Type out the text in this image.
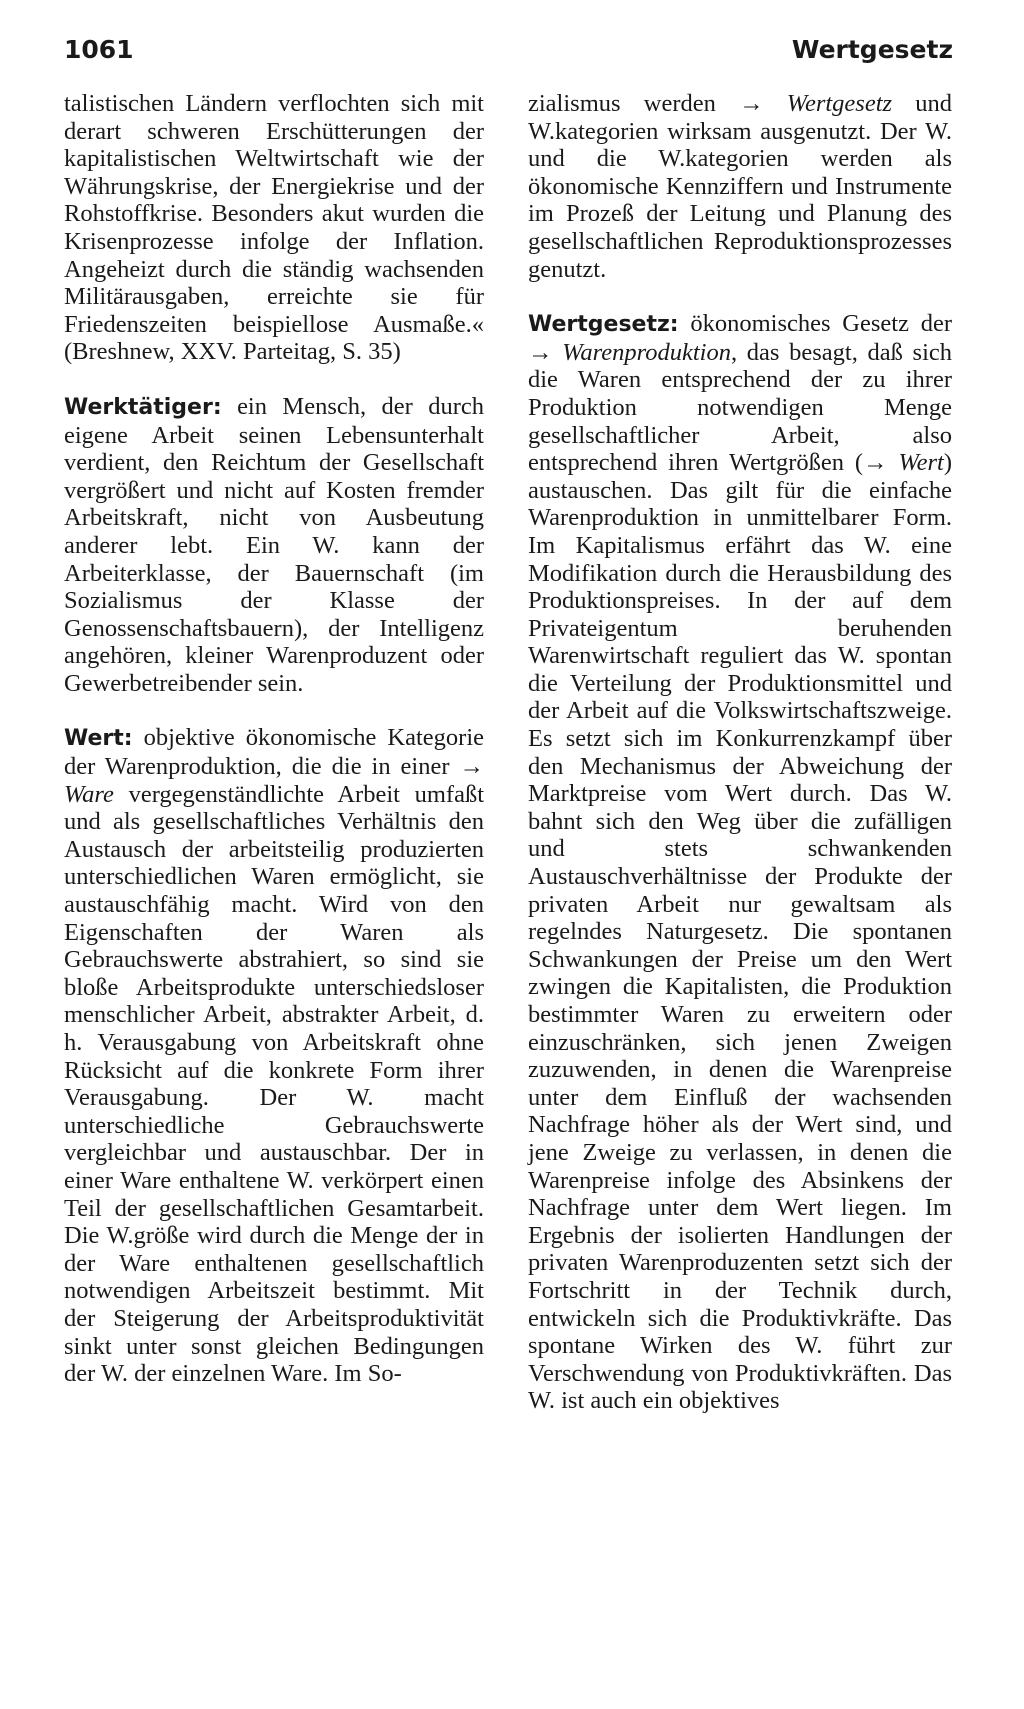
1061	Wertgesetz

talistischen Ländern verflochten sich mit derart schweren Erschütterungen der kapitalistischen Weltwirtschaft wie der Währungskrise, der Energiekrise und der Rohstoffkrise. Besonders akut wurden die Krisenprozesse infolge der Inflation. Angeheizt durch die ständig wachsenden Militärausgaben, erreichte sie für Friedenszeiten beispiellose Ausmaße.« (Breshnew, XXV. Parteitag, S. 35)

Werktätiger: ein Mensch, der durch eigene Arbeit seinen Lebensunterhalt verdient, den Reichtum der Gesellschaft vergrößert und nicht auf Kosten fremder Arbeitskraft, nicht von Ausbeutung anderer lebt. Ein W. kann der Arbeiterklasse, der Bauernschaft (im Sozialismus der Klasse der Genossenschaftsbauern), der Intelligenz angehören, kleiner Warenproduzent oder Gewerbetreibender sein.

Wert: objektive ökonomische Kategorie der Warenproduktion, die die in einer → Ware vergegenständlichte Arbeit umfaßt und als gesellschaftliches Verhältnis den Austausch der arbeitsteilig produzierten unterschiedlichen Waren ermöglicht, sie austauschfähig macht. Wird von den Eigenschaften der Waren als Gebrauchswerte abstrahiert, so sind sie bloße Arbeitsprodukte unterschiedsloser menschlicher Arbeit, abstrakter Arbeit, d. h. Verausgabung von Arbeitskraft ohne Rücksicht auf die konkrete Form ihrer Verausgabung. Der W. macht unterschiedliche Gebrauchswerte vergleichbar und austauschbar. Der in einer Ware enthaltene W. verkörpert einen Teil der gesellschaftlichen Gesamtarbeit. Die W.größe wird durch die Menge der in der Ware enthaltenen gesellschaftlich notwendigen Arbeitszeit bestimmt. Mit der Steigerung der Arbeitsproduktivität sinkt unter sonst gleichen Bedingungen der W. der einzelnen Ware. Im So-

zialismus werden → Wertgesetz und W.kategorien wirksam ausgenutzt. Der W. und die W.kategorien werden als ökonomische Kennziffern und Instrumente im Prozeß der Leitung und Planung des gesellschaftlichen Reproduktionsprozesses genutzt.

Wertgesetz: ökonomisches Gesetz der → Warenproduktion, das besagt, daß sich die Waren entsprechend der zu ihrer Produktion notwendigen Menge gesellschaftlicher Arbeit, also entsprechend ihren Wertgrößen (→ Wert) austauschen. Das gilt für die einfache Warenproduktion in unmittelbarer Form. Im Kapitalismus erfährt das W. eine Modifikation durch die Herausbildung des Produktionspreises. In der auf dem Privateigentum beruhenden Warenwirtschaft reguliert das W. spontan die Verteilung der Produktionsmittel und der Arbeit auf die Volkswirtschaftszweige. Es setzt sich im Konkurrenzkampf über den Mechanismus der Abweichung der Marktpreise vom Wert durch. Das W. bahnt sich den Weg über die zufälligen und stets schwankenden Austauschverhältnisse der Produkte der privaten Arbeit nur gewaltsam als regelndes Naturgesetz. Die spontanen Schwankungen der Preise um den Wert zwingen die Kapitalisten, die Produktion bestimmter Waren zu erweitern oder einzuschränken, sich jenen Zweigen zuzuwenden, in denen die Warenpreise unter dem Einfluß der wachsenden Nachfrage höher als der Wert sind, und jene Zweige zu verlassen, in denen die Warenpreise infolge des Absinkens der Nachfrage unter dem Wert liegen. Im Ergebnis der isolierten Handlungen der privaten Warenproduzenten setzt sich der Fortschritt in der Technik durch, entwickeln sich die Produktivkräfte. Das spontane Wirken des W. führt zur Verschwendung von Produktivkräften. Das W. ist auch ein objektives
